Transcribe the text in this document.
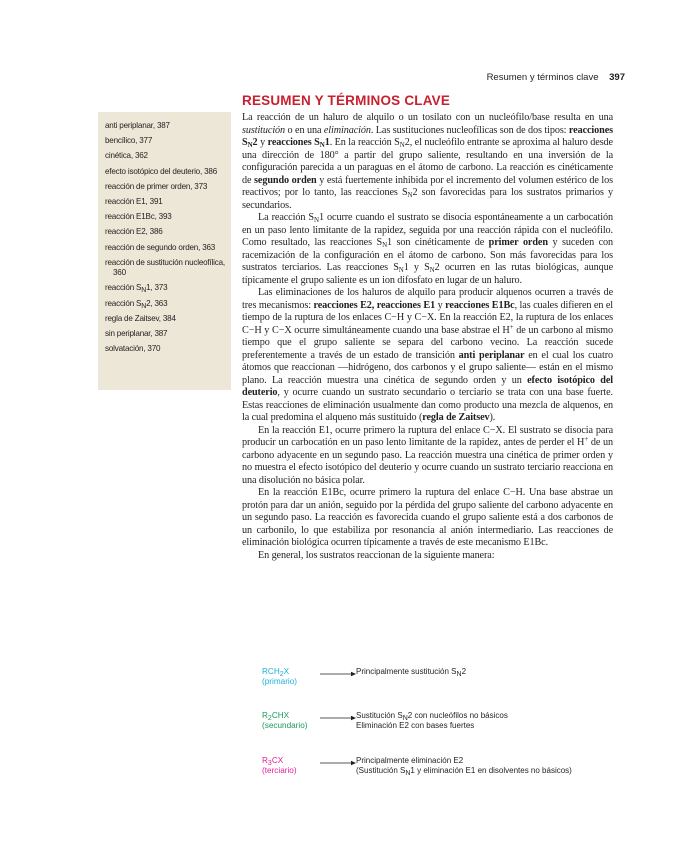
Resumen y términos clave 397
RESUMEN Y TÉRMINOS CLAVE
anti periplanar, 387
bencílico, 377
cinética, 362
efecto isotópico del deuterio, 386
reacción de primer orden, 373
reacción E1, 391
reacción E1Bc, 393
reacción E2, 386
reacción de segundo orden, 363
reacción de sustitución nucleofílica, 360
reacción $S_N1$, 373
reacción $S_N2$, 363
regla de Zaitsev, 384
sin periplanar, 387
solvatación, 370

La reacción de un haluro de alquilo o un tosilato con un nucleófilo/base resulta en una sustitución o en una eliminación. Las sustituciones nucleofílicas son de dos tipos: reacciones $S_N2$ y reacciones $S_N1$. En la reacción $S_N2$, el nucleófilo entrante se aproxima al haluro desde una dirección de 180° a partir del grupo saliente, resultando en una inversión de la configuración parecida a un paraguas en el átomo de carbono. La reacción es cinéticamente de segundo orden y está fuertemente inhibida por el incremento del volumen estérico de los reactivos; por lo tanto, las reacciones $S_N2$ son favorecidas para los sustratos primarios y secundarios.

La reacción $S_N1$ ocurre cuando el sustrato se disocia espontáneamente a un carbocatión en un paso lento limitante de la rapidez, seguida por una reacción rápida con el nucleófilo. Como resultado, las reacciones $S_N1$ son cinéticamente de primer orden y suceden con racemización de la configuración en el átomo de carbono. Son más favorecidas para los sustratos terciarios. Las reacciones $S_N1$ y $S_N2$ ocurren en las rutas biológicas, aunque típicamente el grupo saliente es un ion difosfato en lugar de un haluro.

Las eliminaciones de los haluros de alquilo para producir alquenos ocurren a través de tres mecanismos: reacciones E2, reacciones E1 y reacciones E1Bc, las cuales difieren en el tiempo de la ruptura de los enlaces C−H y C−X. En la reacción E2, la ruptura de los enlaces C−H y C−X ocurre simultáneamente cuando una base abstrae el H+ de un carbono al mismo tiempo que el grupo saliente se separa del carbono vecino. La reacción sucede preferentemente a través de un estado de transición anti periplanar en el cual los cuatro átomos que reaccionan —hidrógeno, dos carbonos y el grupo saliente— están en el mismo plano. La reacción muestra una cinética de segundo orden y un efecto isotópico del deuterio, y ocurre cuando un sustrato secundario o terciario se trata con una base fuerte. Estas reacciones de eliminación usualmente dan como producto una mezcla de alquenos, en la cual predomina el alqueno más sustituido (regla de Zaitsev).

En la reacción E1, ocurre primero la ruptura del enlace C−X. El sustrato se disocia para producir un carbocatión en un paso lento limitante de la rapidez, antes de perder el H+ de un carbono adyacente en un segundo paso. La reacción muestra una cinética de primer orden y no muestra el efecto isotópico del deuterio y ocurre cuando un sustrato terciario reacciona en una disolución no básica polar.

En la reacción E1Bc, ocurre primero la ruptura del enlace C−H. Una base abstrae un protón para dar un anión, seguido por la pérdida del grupo saliente del carbono adyacente en un segundo paso. La reacción es favorecida cuando el grupo saliente está a dos carbonos de un carbonilo, lo que estabiliza por resonancia al anión intermediario. Las reacciones de eliminación biológica ocurren típicamente a través de este mecanismo E1Bc.

En general, los sustratos reaccionan de la siguiente manera:

$RCH_2X$
(primario)
Principalmente sustitución $S_N2$
$R_2CHX$
(secundario)
Sustitución $S_N2$ con nucleófilos no básicos
Eliminación E2 con bases fuertes
$R_3CX$
(terciario)
Principalmente eliminación E2
(Sustitución $S_N1$ y eliminación E1 en disolventes no básicos)
